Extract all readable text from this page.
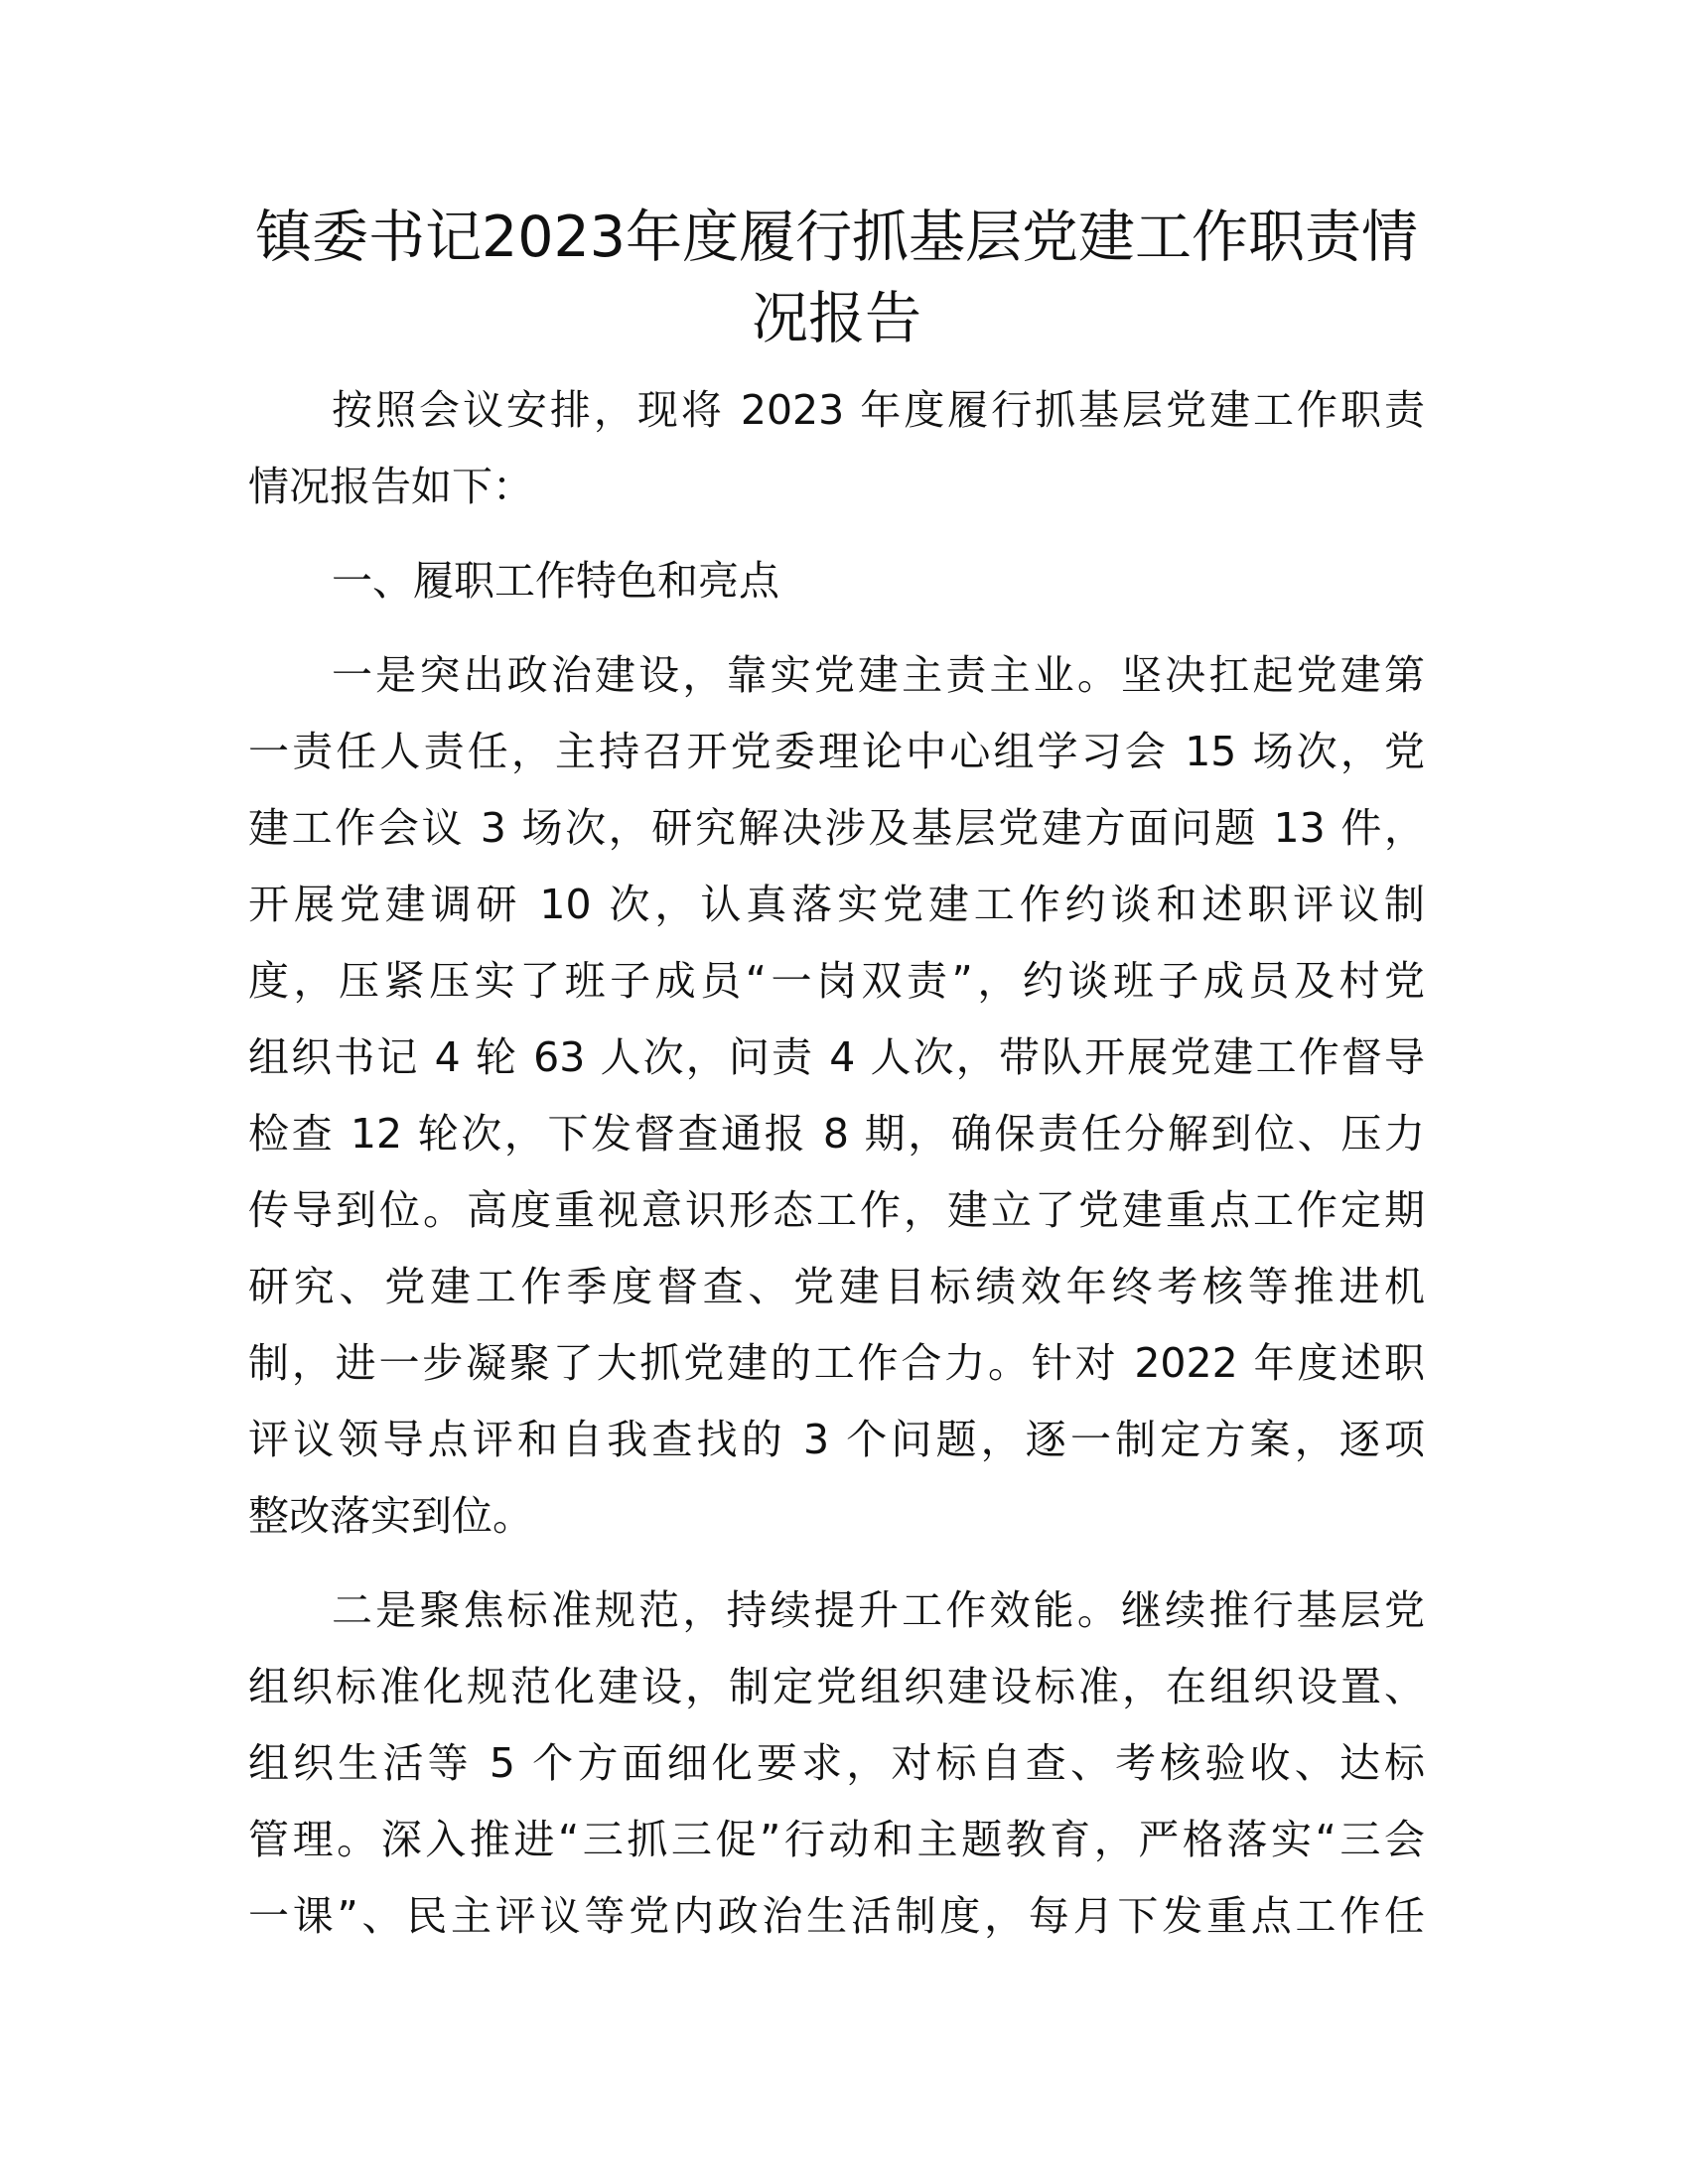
镇委书记2023年度履行抓基层党建工作职责情
况报告
按照会议安排，现将 2023 年度履行抓基层党建工作职责
情况报告如下：
一、履职工作特色和亮点
一是突出政治建设，靠实党建主责主业。坚决扛起党建第
一责任人责任，主持召开党委理论中心组学习会 15 场次，党
建工作会议 3 场次，研究解决涉及基层党建方面问题 13 件，
开展党建调研 10 次，认真落实党建工作约谈和述职评议制
度，压紧压实了班子成员“一岗双责”，约谈班子成员及村党
组织书记 4 轮 63 人次，问责 4 人次，带队开展党建工作督导
检查 12 轮次，下发督查通报 8 期，确保责任分解到位、压力
传导到位。高度重视意识形态工作，建立了党建重点工作定期
研究、党建工作季度督查、党建目标绩效年终考核等推进机
制，进一步凝聚了大抓党建的工作合力。针对 2022 年度述职
评议领导点评和自我查找的 3 个问题，逐一制定方案，逐项
整改落实到位。
二是聚焦标准规范，持续提升工作效能。继续推行基层党
组织标准化规范化建设，制定党组织建设标准，在组织设置、
组织生活等 5 个方面细化要求，对标自查、考核验收、达标
管理。深入推进“三抓三促”行动和主题教育，严格落实“三会
一课”、民主评议等党内政治生活制度，每月下发重点工作任
